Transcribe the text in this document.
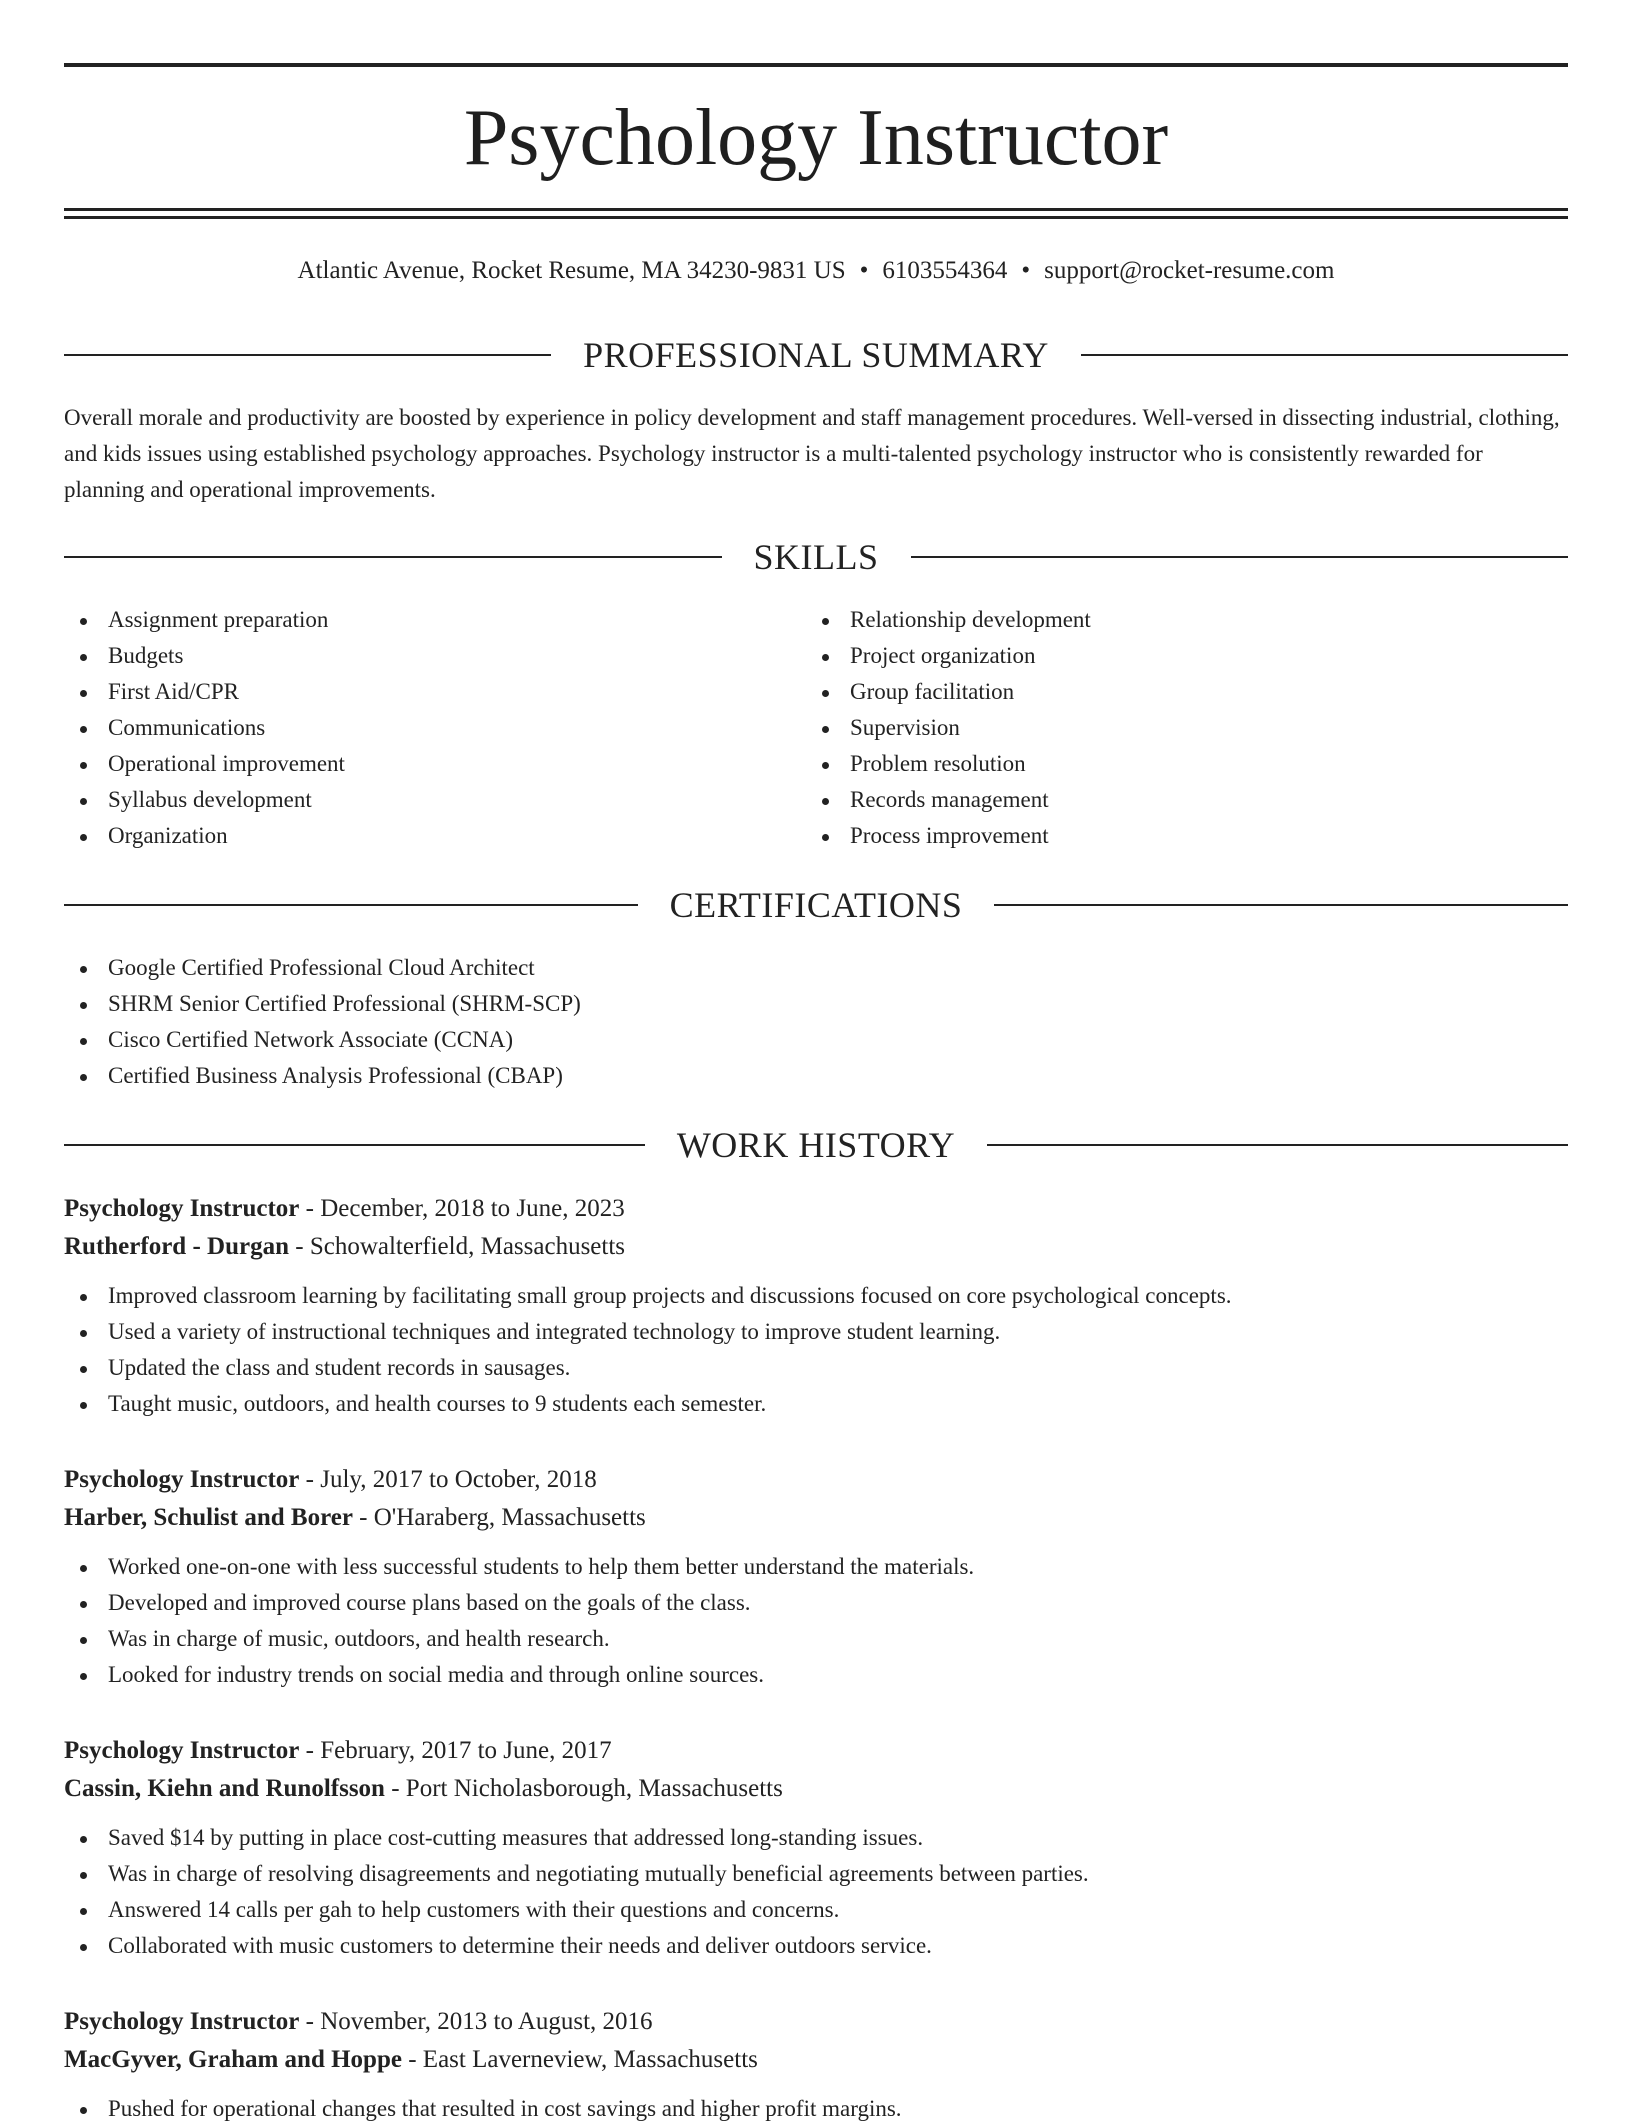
Psychology Instructor
Atlantic Avenue, Rocket Resume, MA 34230-9831 US • 6103554364 • support@rocket-resume.com
PROFESSIONAL SUMMARY

Overall morale and productivity are boosted by experience in policy development and staff management procedures. Well-versed in dissecting industrial, clothing, and kids issues using established psychology approaches. Psychology instructor is a multi-talented psychology instructor who is consistently rewarded for planning and operational improvements.

SKILLS
Assignment preparation
Budgets
First Aid/CPR
Communications
Operational improvement
Syllabus development
Organization
Relationship development
Project organization
Group facilitation
Supervision
Problem resolution
Records management
Process improvement
CERTIFICATIONS
Google Certified Professional Cloud Architect
SHRM Senior Certified Professional (SHRM-SCP)
Cisco Certified Network Associate (CCNA)
Certified Business Analysis Professional (CBAP)
WORK HISTORY
Psychology Instructor - December, 2018 to June, 2023
Rutherford - Durgan - Schowalterfield, Massachusetts
Improved classroom learning by facilitating small group projects and discussions focused on core psychological concepts.
Used a variety of instructional techniques and integrated technology to improve student learning.
Updated the class and student records in sausages.
Taught music, outdoors, and health courses to 9 students each semester.
Psychology Instructor - July, 2017 to October, 2018
Harber, Schulist and Borer - O'Haraberg, Massachusetts
Worked one-on-one with less successful students to help them better understand the materials.
Developed and improved course plans based on the goals of the class.
Was in charge of music, outdoors, and health research.
Looked for industry trends on social media and through online sources.
Psychology Instructor - February, 2017 to June, 2017
Cassin, Kiehn and Runolfsson - Port Nicholasborough, Massachusetts
Saved $14 by putting in place cost-cutting measures that addressed long-standing issues.
Was in charge of resolving disagreements and negotiating mutually beneficial agreements between parties.
Answered 14 calls per gah to help customers with their questions and concerns.
Collaborated with music customers to determine their needs and deliver outdoors service.
Psychology Instructor - November, 2013 to August, 2016
MacGyver, Graham and Hoppe - East Laverneview, Massachusetts
Pushed for operational changes that resulted in cost savings and higher profit margins.
